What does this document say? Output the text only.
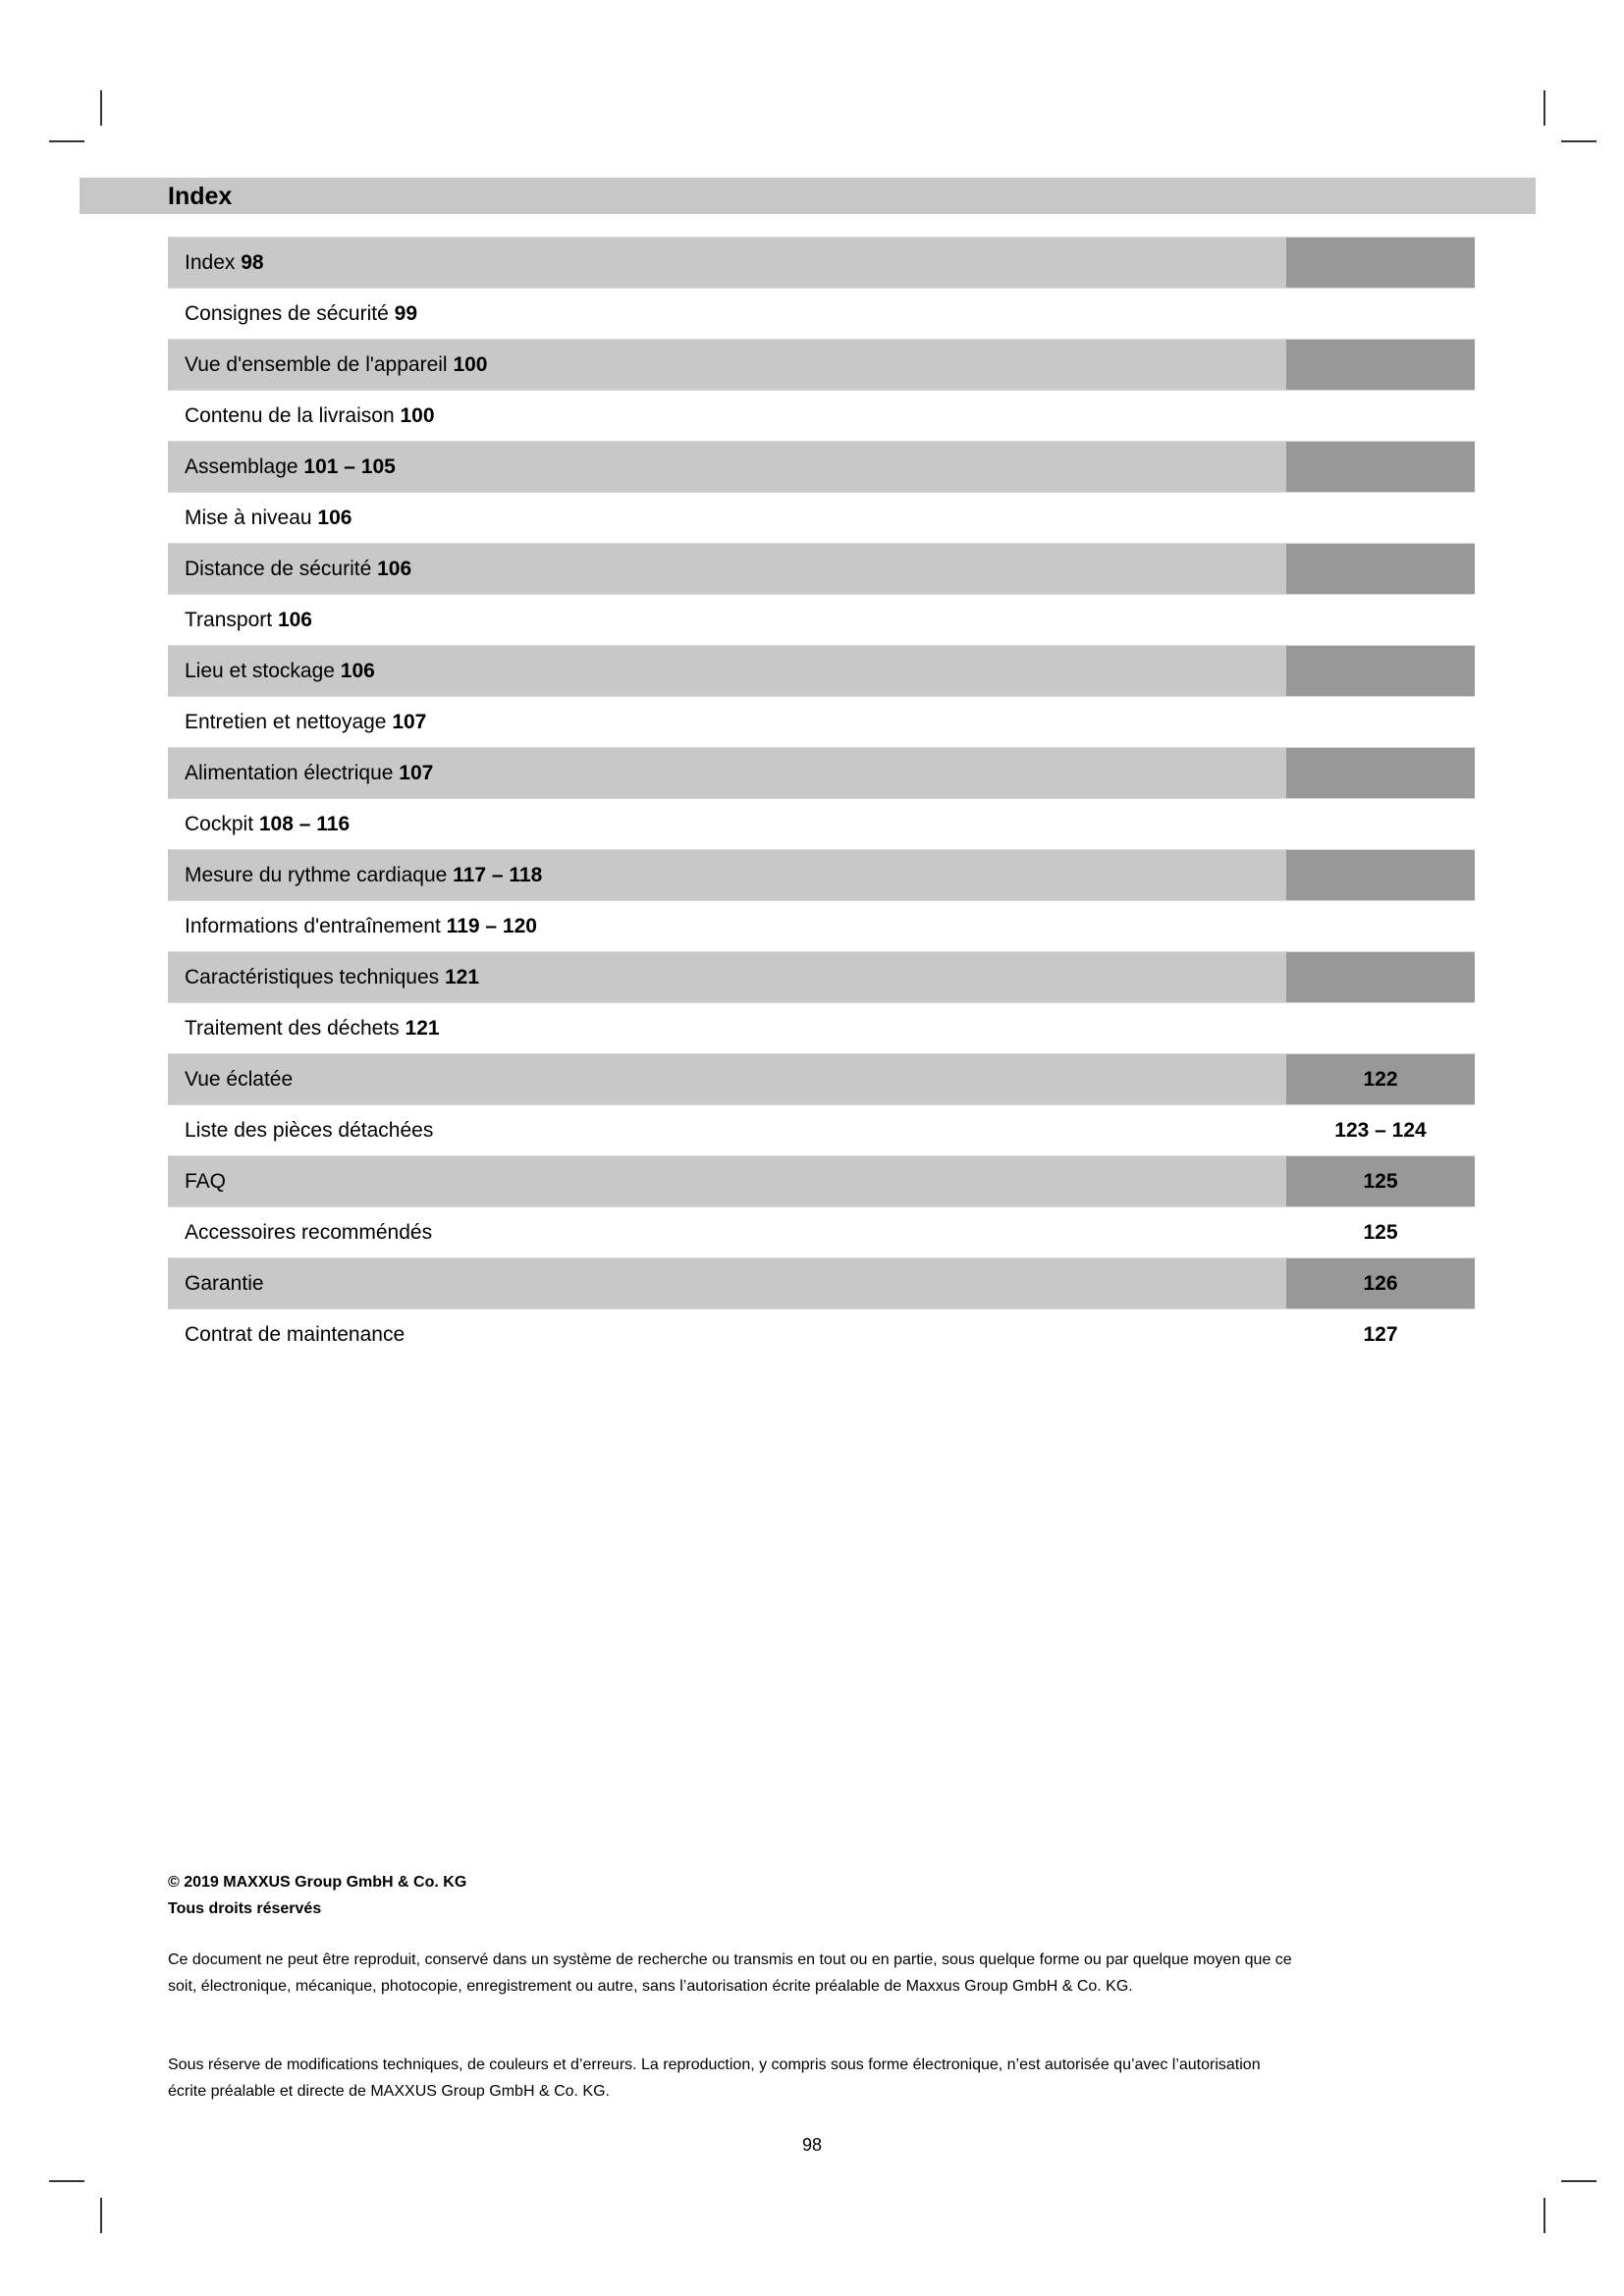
Index
Index 98
Consignes de sécurité 99
Vue d'ensemble de l'appareil 100
Contenu de la livraison 100
Assemblage 101 – 105
Mise à niveau 106
Distance de sécurité 106
Transport 106
Lieu et stockage 106
Entretien et nettoyage 107
Alimentation électrique 107
Cockpit 108 – 116
Mesure du rythme cardiaque 117 – 118
Informations d'entraînement 119 – 120
Caractéristiques techniques 121
Traitement des déchets 121
Vue éclatée	122
Liste des pièces détachées	123 – 124
FAQ	125
Accessoires recomméndés	125
Garantie	126
Contrat de maintenance	127
© 2019 MAXXUS Group GmbH & Co. KG
Tous droits réservés
Ce document ne peut être reproduit, conservé dans un système de recherche ou transmis en tout ou en partie, sous quelque forme ou par quelque moyen que ce soit, électronique, mécanique, photocopie, enregistrement ou autre, sans l’autorisation écrite préalable de Maxxus Group GmbH & Co. KG.
Sous réserve de modifications techniques, de couleurs et d’erreurs. La reproduction, y compris sous forme électronique, n’est autorisée qu’avec l’autorisation écrite préalable et directe de MAXXUS Group GmbH & Co. KG.
98
